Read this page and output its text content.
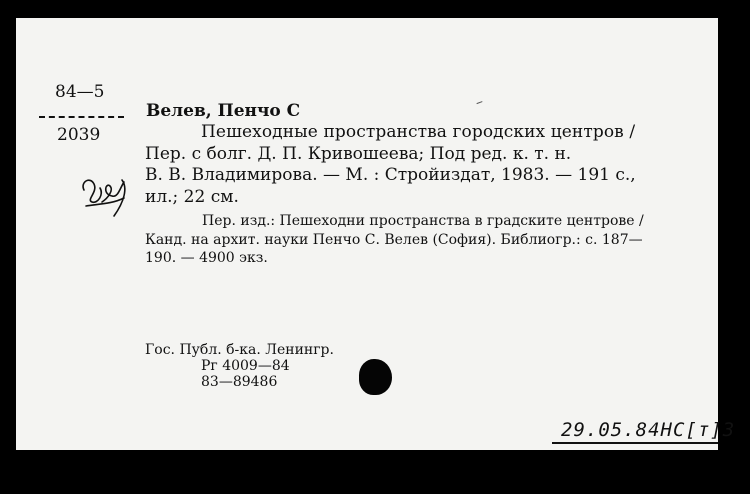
84—5
2039
Велев, Пенчо С
Пешеходные пространства городских центров /
Пер. с болг. Д. П. Кривошеева; Под ред. к. т. н.
В. В. Владимирова. — М. : Стройиздат, 1983. — 191 с.,
ил.; 22 см.
Пер. изд.: Пешеходни пространства в градските центрове /
Канд. на архит. науки Пенчо С. Велев (София). Библиогр.: с. 187—
190. — 4900 экз.
Гос. Публ. б-ка. Ленингр.
Рг 4009—84
83—89486
29.05.84НС[т]3
